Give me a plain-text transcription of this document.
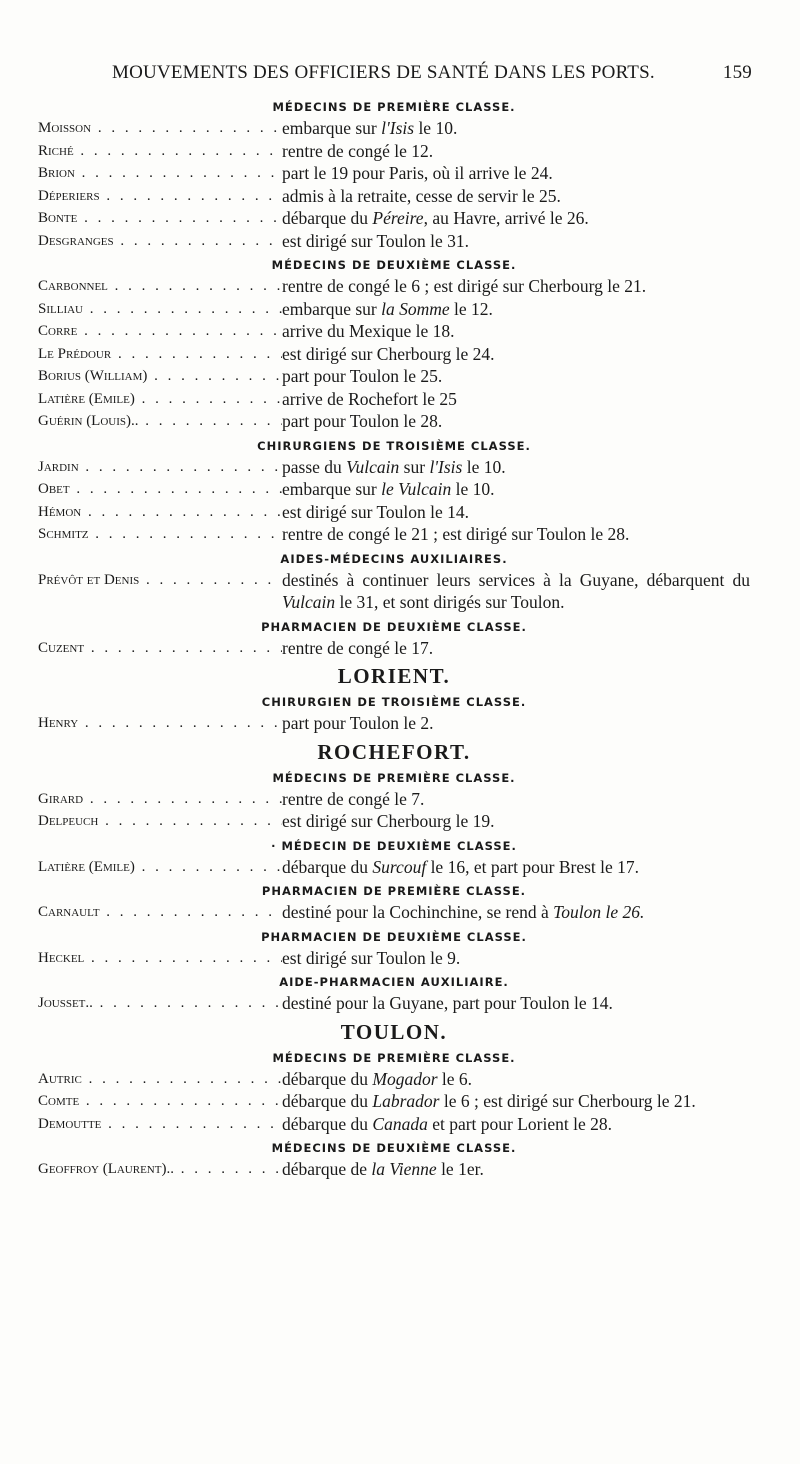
MOUVEMENTS DES OFFICIERS DE SANTÉ DANS LES PORTS.	159
MÉDECINS DE PREMIÈRE CLASSE.
Moisson . . .	embarque sur l'Isis le 10.
Riché . . .	rentre de congé le 12.
Brion . . .	part le 19 pour Paris, où il arrive le 24.
Déperiers . . .	admis à la retraite, cesse de servir le 25.
Bonte . . .	débarque du Péreire, au Havre, arrivé le 26.
Desgranges . . .	est dirigé sur Toulon le 31.
MÉDECINS DE DEUXIÈME CLASSE.
Carbonnel . . .	rentre de congé le 6 ; est dirigé sur Cherbourg le 21.
Silliau . . .	embarque sur la Somme le 12.
Corre . . .	arrive du Mexique le 18.
Le Prédour . . .	est dirigé sur Cherbourg le 24.
Borius (William) . . .	part pour Toulon le 25.
Latière (Emile) . . .	arrive de Rochefort le 25
Guérin (Louis).. . . .	part pour Toulon le 28.
CHIRURGIENS DE TROISIÈME CLASSE.
Jardin . . .	passe du Vulcain sur l'Isis le 10.
Obet . . .	embarque sur le Vulcain le 10.
Hémon . . .	est dirigé sur Toulon le 14.
Schmitz . . .	rentre de congé le 21 ; est dirigé sur Toulon le 28.
AIDES-MÉDECINS AUXILIAIRES.
Prévôt et Denis . . .	destinés à continuer leurs services à la Guyane, débarquent du Vulcain le 31, et sont dirigés sur Toulon.
PHARMACIEN DE DEUXIÈME CLASSE.
Cuzent . . .	rentre de congé le 17.
LORIENT.
CHIRURGIEN DE TROISIÈME CLASSE.
Henry . . .	part pour Toulon le 2.
ROCHEFORT.
MÉDECINS DE PREMIÈRE CLASSE.
Girard . . .	rentre de congé le 7.
Delpeuch . . .	est dirigé sur Cherbourg le 19.
· MÉDECIN DE DEUXIÈME CLASSE.
Latière (Emile) . . .	débarque du Surcouf le 16, et part pour Brest le 17.
PHARMACIEN DE PREMIÈRE CLASSE.
Carnault . . .	destiné pour la Cochinchine, se rend à Toulon le 26.
PHARMACIEN DE DEUXIÈME CLASSE.
Heckel . . .	est dirigé sur Toulon le 9.
AIDE-PHARMACIEN AUXILIAIRE.
Jousset.. . . .	destiné pour la Guyane, part pour Toulon le 14.
TOULON.
MÉDECINS DE PREMIÈRE CLASSE.
Autric . . .	débarque du Mogador le 6.
Comte . . .	débarque du Labrador le 6 ; est dirigé sur Cherbourg le 21.
Demoutte . . .	débarque du Canada et part pour Lorient le 28.
MÉDECINS DE DEUXIÈME CLASSE.
Geoffroy (Laurent).. . . .	débarque de la Vienne le 1er.
